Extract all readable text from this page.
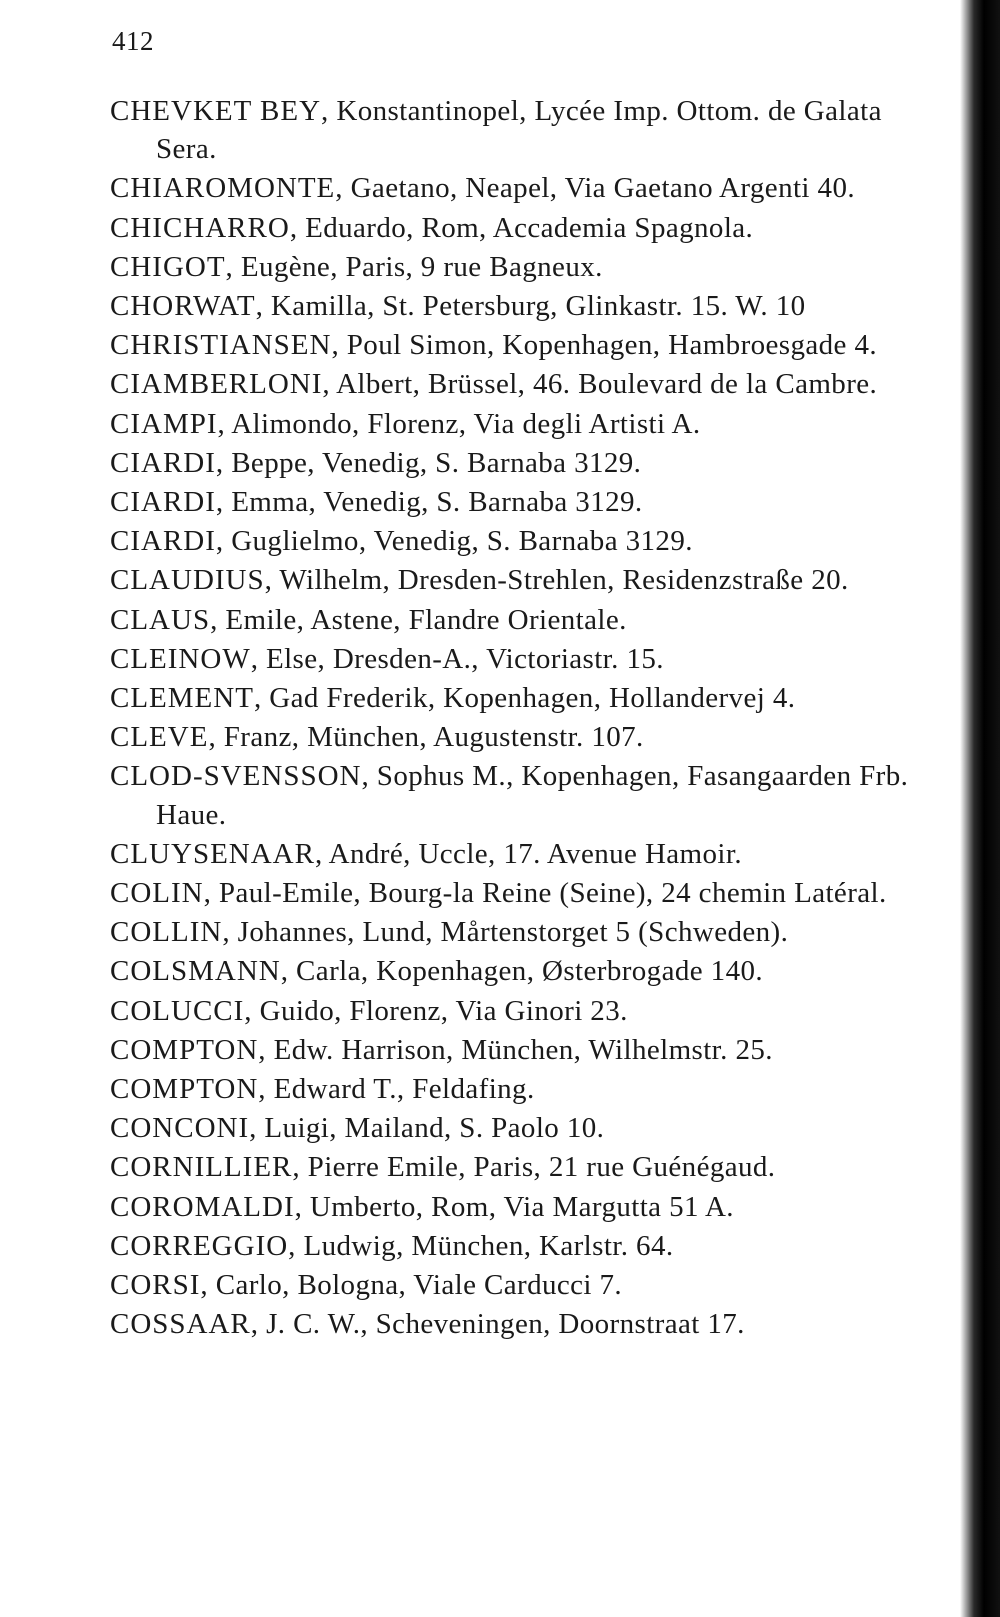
412
CHEVKET BEY, Konstantinopel, Lycée Imp. Ottom. de Galata Sera.
CHIAROMONTE, Gaetano, Neapel, Via Gaetano Argenti 40.
CHICHARRO, Eduardo, Rom, Accademia Spagnola.
CHIGOT, Eugène, Paris, 9 rue Bagneux.
CHORWAT, Kamilla, St. Petersburg, Glinkastr. 15. W. 10
CHRISTIANSEN, Poul Simon, Kopenhagen, Hambroesgade 4.
CIAMBERLONI, Albert, Brüssel, 46. Boulevard de la Cambre.
CIAMPI, Alimondo, Florenz, Via degli Artisti A.
CIARDI, Beppe, Venedig, S. Barnaba 3129.
CIARDI, Emma, Venedig, S. Barnaba 3129.
CIARDI, Guglielmo, Venedig, S. Barnaba 3129.
CLAUDIUS, Wilhelm, Dresden-Strehlen, Residenzstraße 20.
CLAUS, Emile, Astene, Flandre Orientale.
CLEINOW, Else, Dresden-A., Victoriastr. 15.
CLEMENT, Gad Frederik, Kopenhagen, Hollandervej 4.
CLEVE, Franz, München, Augustenstr. 107.
CLOD-SVENSSON, Sophus M., Kopenhagen, Fasangaarden Frb. Haue.
CLUYSENAAR, André, Uccle, 17. Avenue Hamoir.
COLIN, Paul-Emile, Bourg-la Reine (Seine), 24 chemin Latéral.
COLLIN, Johannes, Lund, Mårtenstorget 5 (Schweden).
COLSMANN, Carla, Kopenhagen, Østerbrogade 140.
COLUCCI, Guido, Florenz, Via Ginori 23.
COMPTON, Edw. Harrison, München, Wilhelmstr. 25.
COMPTON, Edward T., Feldafing.
CONCONI, Luigi, Mailand, S. Paolo 10.
CORNILLIER, Pierre Emile, Paris, 21 rue Guénégaud.
COROMALDI, Umberto, Rom, Via Margutta 51 A.
CORREGGIO, Ludwig, München, Karlstr. 64.
CORSI, Carlo, Bologna, Viale Carducci 7.
COSSAAR, J. C. W., Scheveningen, Doornstraat 17.
